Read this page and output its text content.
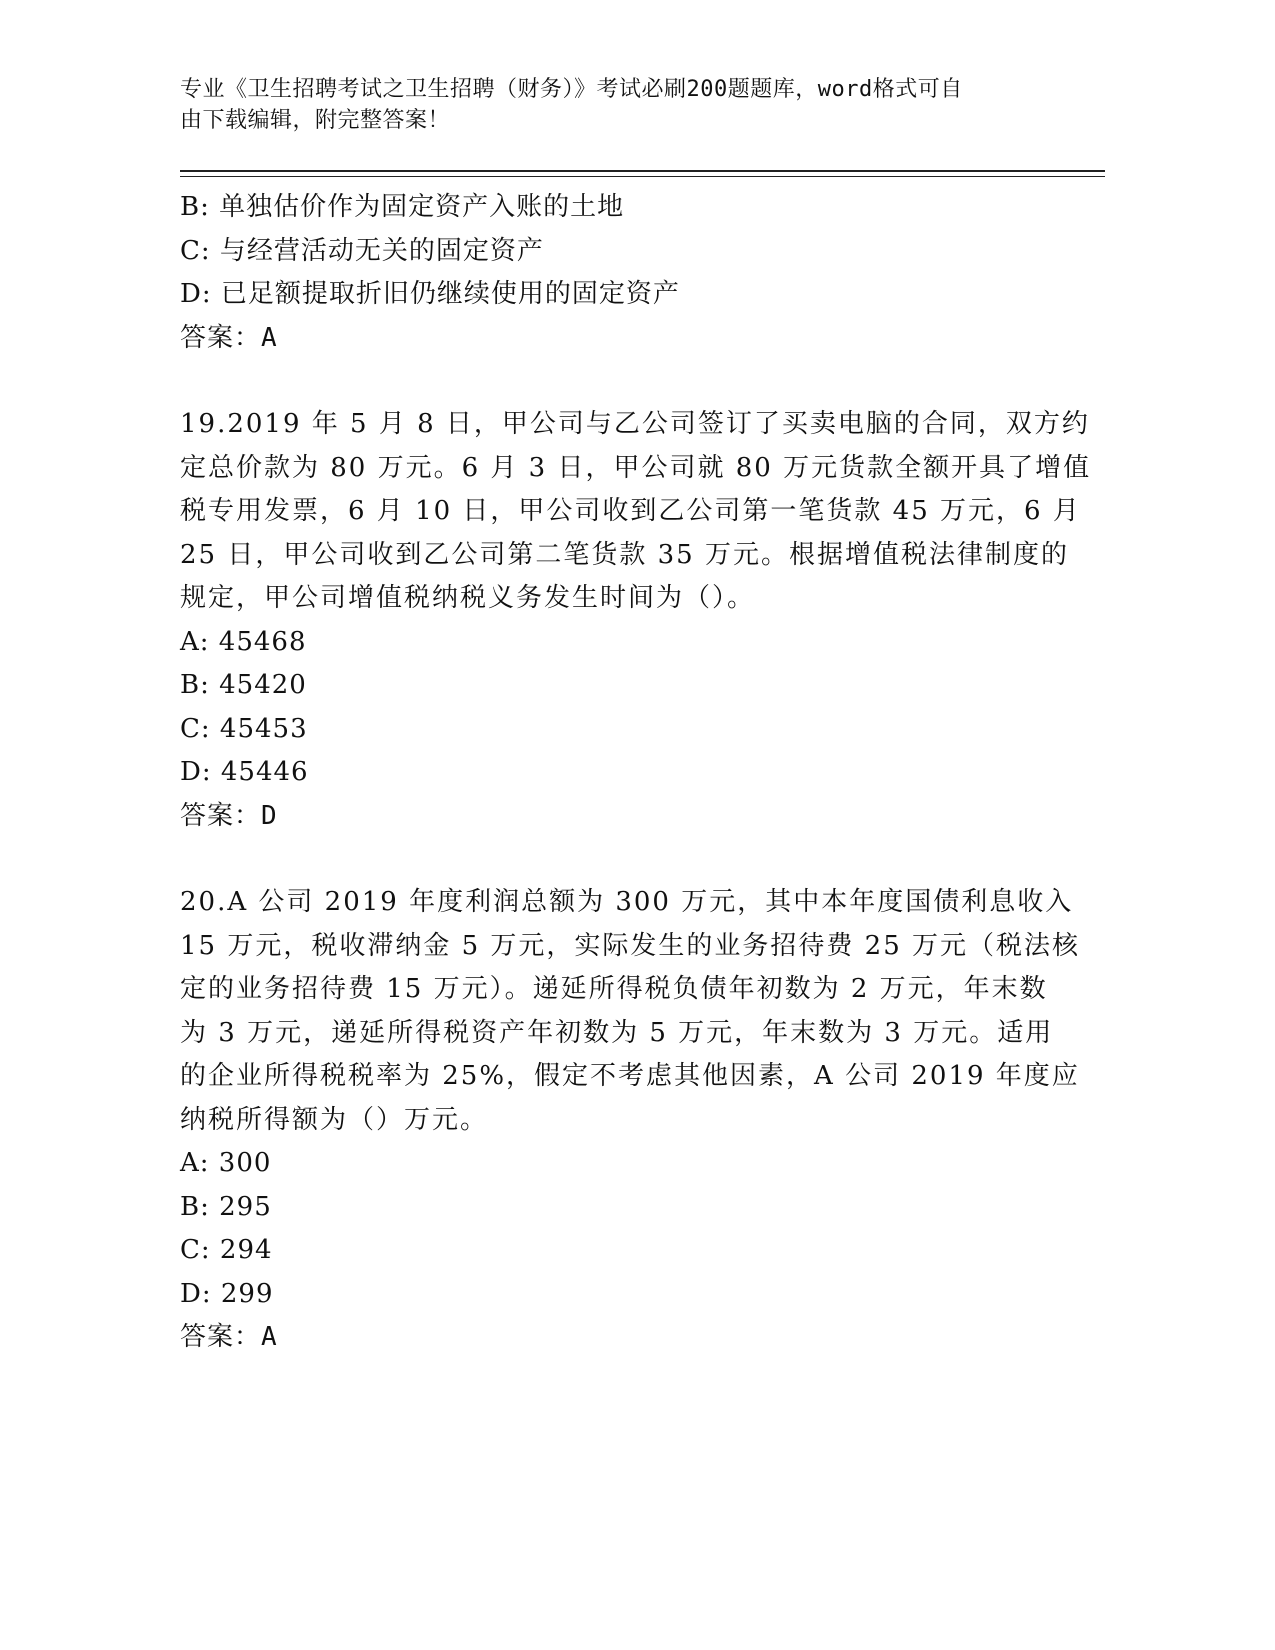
专业《卫生招聘考试之卫生招聘（财务）》考试必刷200题题库，word格式可自
由下载编辑，附完整答案！
B: 单独估价作为固定资产入账的土地
C: 与经营活动无关的固定资产
D: 已足额提取折旧仍继续使用的固定资产
答案：A
19.2019 年 5 月 8 日，甲公司与乙公司签订了买卖电脑的合同，双方约
定总价款为 80 万元。6 月 3 日，甲公司就 80 万元货款全额开具了增值
税专用发票，6 月 10 日，甲公司收到乙公司第一笔货款 45 万元，6 月
25 日，甲公司收到乙公司第二笔货款 35 万元。根据增值税法律制度的
规定，甲公司增值税纳税义务发生时间为（）。
A: 45468
B: 45420
C: 45453
D: 45446
答案：D
20.A 公司 2019 年度利润总额为 300 万元，其中本年度国债利息收入
15 万元，税收滞纳金 5 万元，实际发生的业务招待费 25 万元（税法核
定的业务招待费 15 万元）。递延所得税负债年初数为 2 万元，年末数
为 3 万元，递延所得税资产年初数为 5 万元，年末数为 3 万元。适用
的企业所得税税率为 25%，假定不考虑其他因素，A 公司 2019 年度应
纳税所得额为（）万元。
A: 300
B: 295
C: 294
D: 299
答案：A
